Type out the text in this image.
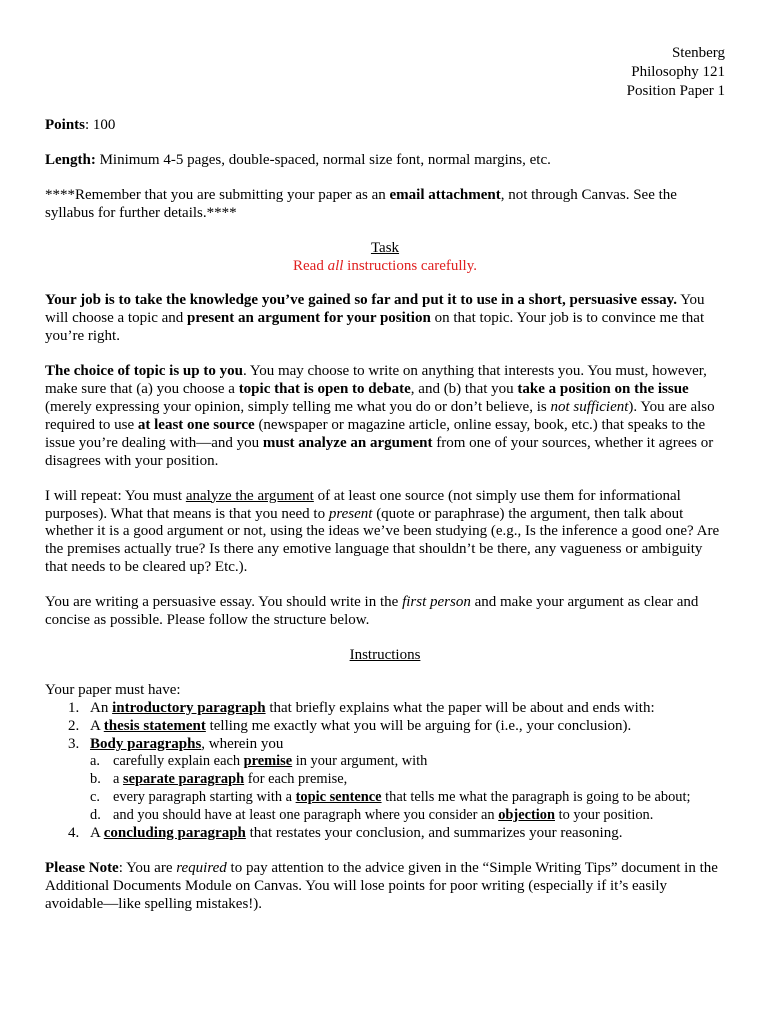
Stenberg
Philosophy 121
Position Paper 1

Points: 100

Length: Minimum 4-5 pages, double-spaced, normal size font, normal margins, etc.

****Remember that you are submitting your paper as an email attachment, not through Canvas. See the syllabus for further details.****

Task

Read all instructions carefully.

Your job is to take the knowledge you’ve gained so far and put it to use in a short, persuasive essay. You will choose a topic and present an argument for your position on that topic. Your job is to convince me that you’re right.

The choice of topic is up to you. You may choose to write on anything that interests you. You must, however, make sure that (a) you choose a topic that is open to debate, and (b) that you take a position on the issue (merely expressing your opinion, simply telling me what you do or don’t believe, is not sufficient). You are also required to use at least one source (newspaper or magazine article, online essay, book, etc.) that speaks to the issue you’re dealing with—and you must analyze an argument from one of your sources, whether it agrees or disagrees with your position.

I will repeat: You must analyze the argument of at least one source (not simply use them for informational purposes). What that means is that you need to present (quote or paraphrase) the argument, then talk about whether it is a good argument or not, using the ideas we’ve been studying (e.g., Is the inference a good one? Are the premises actually true? Is there any emotive language that shouldn’t be there, any vagueness or ambiguity that needs to be cleared up? Etc.).

You are writing a persuasive essay. You should write in the first person and make your argument as clear and concise as possible. Please follow the structure below.

Instructions

Your paper must have:

1. An introductory paragraph that briefly explains what the paper will be about and ends with:
2. A thesis statement telling me exactly what you will be arguing for (i.e., your conclusion).
3. Body paragraphs, wherein you
a. carefully explain each premise in your argument, with
b. a separate paragraph for each premise,
c. every paragraph starting with a topic sentence that tells me what the paragraph is going to be about;
d. and you should have at least one paragraph where you consider an objection to your position.
4. A concluding paragraph that restates your conclusion, and summarizes your reasoning.

Please Note: You are required to pay attention to the advice given in the “Simple Writing Tips” document in the Additional Documents Module on Canvas. You will lose points for poor writing (especially if it’s easily avoidable—like spelling mistakes!).
